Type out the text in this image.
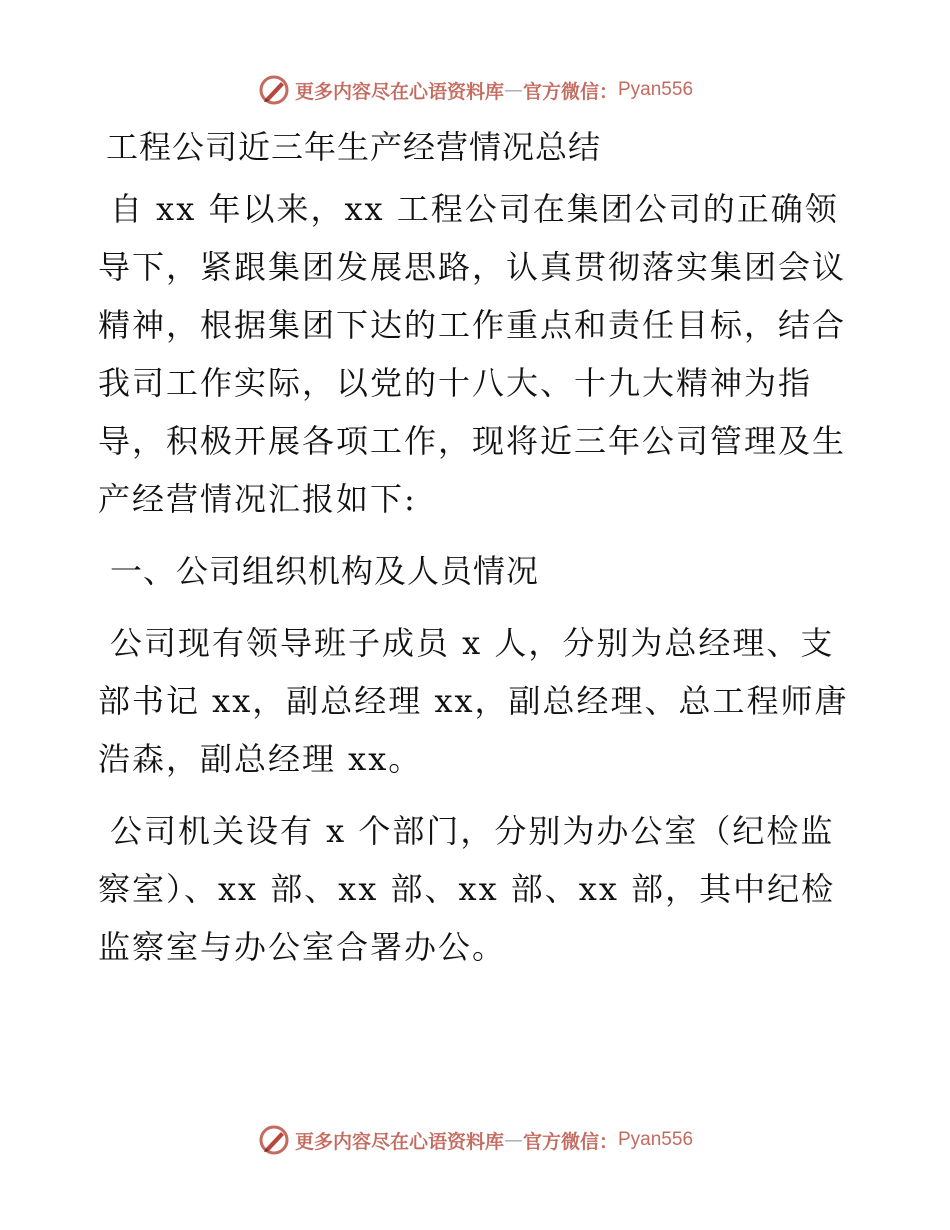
更多内容尽在心语资料库 — 官方微信： Pyan556
工程公司近三年生产经营情况总结

自 xx 年以来，xx 工程公司在集团公司的正确领导下，紧跟集团发展思路，认真贯彻落实集团会议精神，根据集团下达的工作重点和责任目标，结合我司工作实际，以党的十八大、十九大精神为指导，积极开展各项工作，现将近三年公司管理及生产经营情况汇报如下:

一、公司组织机构及人员情况

公司现有领导班子成员 x 人，分别为总经理、支部书记 xx，副总经理 xx，副总经理、总工程师唐浩森，副总经理 xx。

公司机关设有 x 个部门，分别为办公室（纪检监察室）、xx 部、xx 部、xx 部、xx 部，其中纪检监察室与办公室合署办公。

更多内容尽在心语资料库 — 官方微信： Pyan556
